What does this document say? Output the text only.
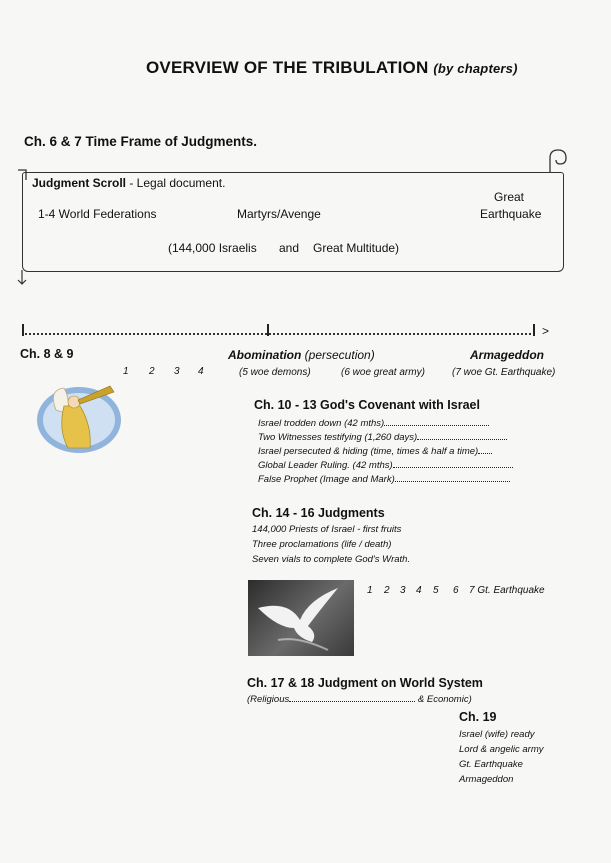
OVERVIEW OF THE TRIBULATION (by chapters)
Ch. 6 & 7 Time Frame of Judgments.
Judgment Scroll - Legal document.
1-4 World Federations	Martyrs/Avenge
Great
Earthquake
(144,000 Israelis and Great Multitude)
>
Ch. 8 & 9	Abomination (persecution)	Armageddon
1 2 3 4	(5 woe demons)	(6 woe great army)	(7 woe Gt. Earthquake)
Ch. 10 - 13 God's Covenant with Israel
Israel trodden down (42 mths)
Two Witnesses testifying (1,260 days)
Israel persecuted & hiding (time, times & half a time)
Global Leader Ruling. (42 mths)
False Prophet (Image and Mark)
Ch. 14 - 16 Judgments
144,000 Priests of Israel - first fruits
Three proclamations (life / death)
Seven vials to complete God's Wrath.
1 2 3 4 5 6 7 Gt. Earthquake
Ch. 17 & 18 Judgment on World System
(Religious	& Economic)
Ch. 19
Israel (wife) ready
Lord & angelic army
Gt. Earthquake
Armageddon
